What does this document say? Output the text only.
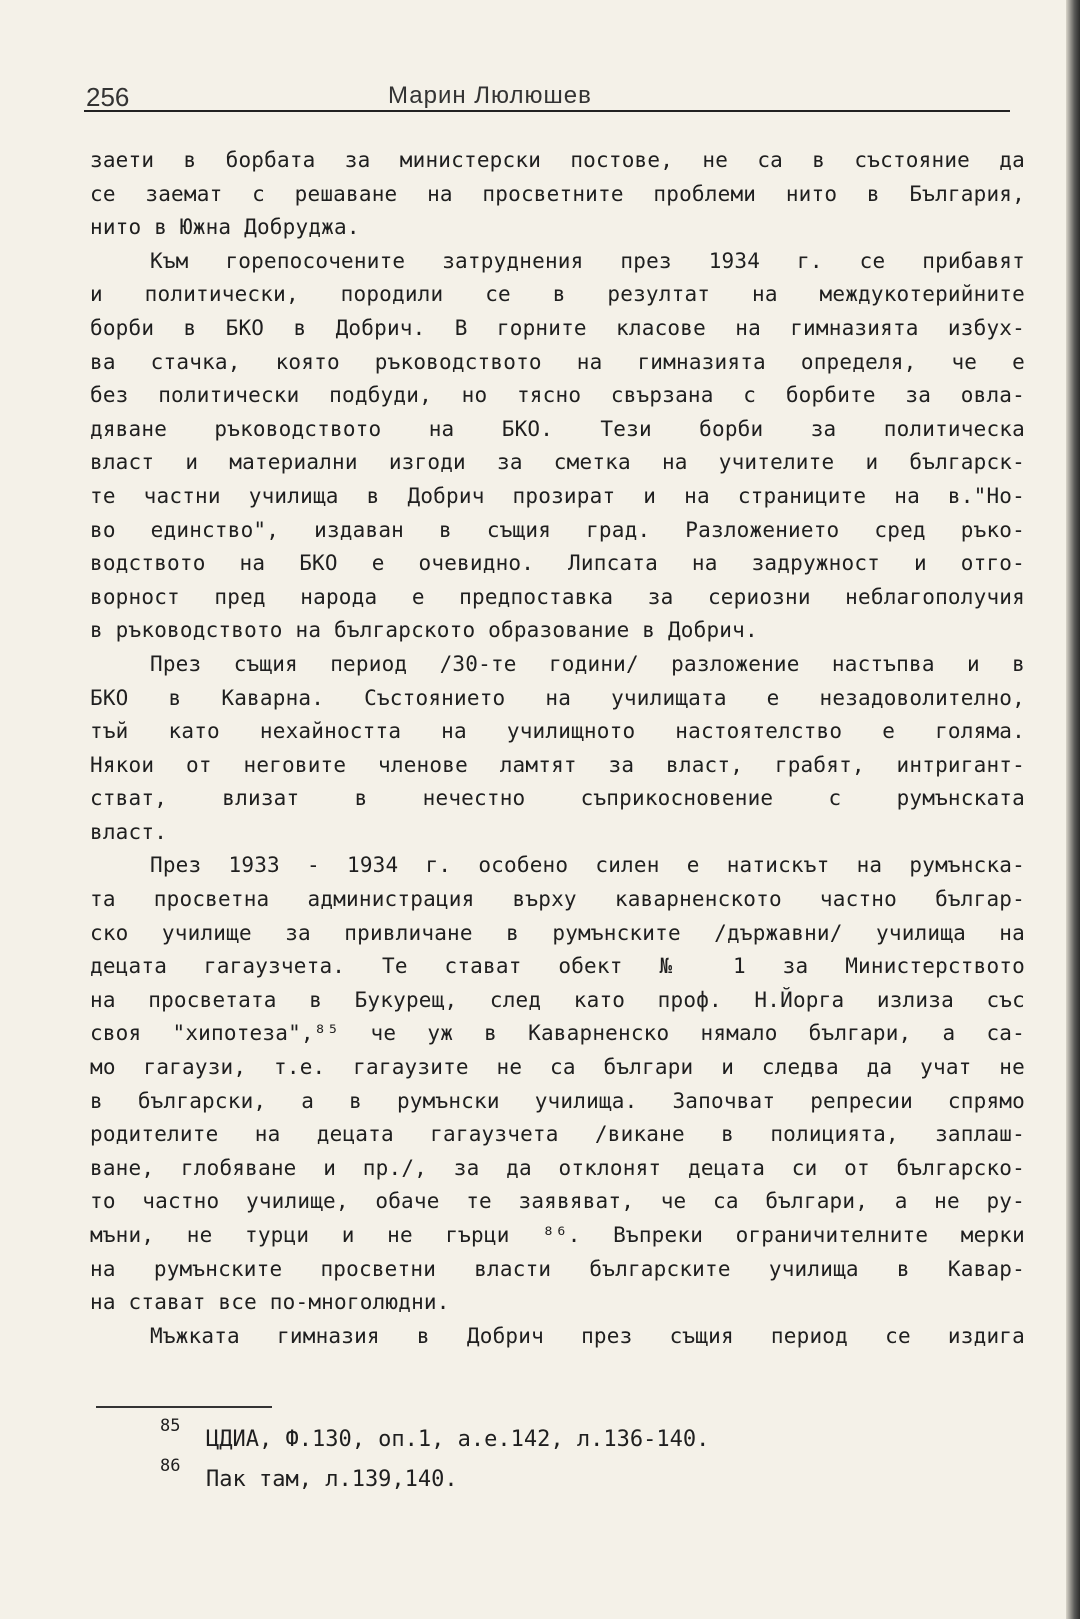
256	Марин Люлюшев
заети в борбата за министерски постове, не са в състояние да
се заемат с решаване на просветните проблеми нито в България,
нито в Южна Добруджа.
Към горепосочените затруднения през 1934 г. се прибавят
и политически, породили се в резултат на междукотерийните
борби в БКО в Добрич. В горните класове на гимназията избух-
ва стачка, която ръководството на гимназията определя, че е
без политически подбуди, но тясно свързана с борбите за овла-
дяване ръководството на БКО. Тези борби за политическа
власт и материални изгоди за сметка на учителите и българск-
те частни училища в Добрич прозират и на страниците на в."Но-
во единство", издаван в същия град. Разложението сред ръко-
водството на БКО е очевидно. Липсата на задружност и отго-
ворност пред народа е предпоставка за сериозни неблагополучия
в ръководството на българското образование в Добрич.
През същия период /30-те години/ разложение настъпва и в
БКО в Каварна. Състоянието на училищата е незадоволително,
тъй като нехайността на училищното настоятелство е голяма.
Някои от неговите членове ламтят за власт, грабят, интригант-
стват, влизат в нечестно съприкосновение с румънската
власт.
През 1933 - 1934 г. особено силен е натискът на румънска-
та просветна администрация върху каварненското частно българ-
ско училище за привличане в румънските /държавни/ училища на
децата гагаузчета. Те стават обект № 1 за Министерството
на просветата в Букурещ, след като проф. Н.Йорга излиза със
своя "хипотеза",⁸⁵ че уж в Каварненско нямало българи, а са-
мо гагаузи, т.е. гагаузите не са българи и следва да учат не
в български, а в румънски училища. Започват репресии спрямо
родителите на децата гагаузчета /викане в полицията, заплаш-
ване, глобяване и пр./, за да отклонят децата си от българско-
то частно училище, обаче те заявяват, че са българи, а не ру-
мъни, не турци и не гърци ⁸⁶. Въпреки ограничителните мерки
на румънските просветни власти българските училища в Кавар-
на стават все по-многолюдни.
Мъжката гимназия в Добрич през същия период се издига
85
ЦДИА, Ф.130, оп.1, а.е.142, л.136-140.
86
Пак там, л.139,140.
